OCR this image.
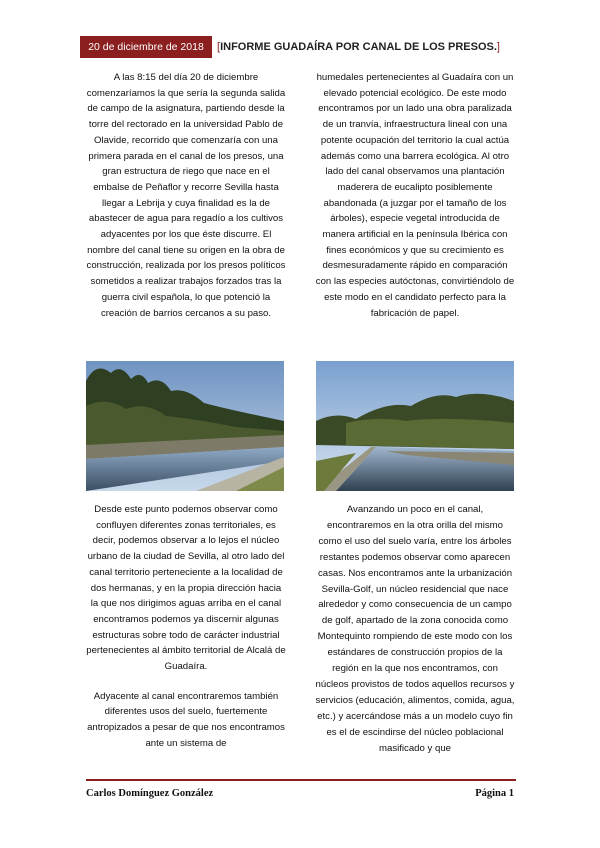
20 de diciembre de 2018	[INFORME GUADAÍRA POR CANAL DE LOS PRESOS.]

A las 8:15 del día 20 de diciembre comenzaríamos la que sería la segunda salida de campo de la asignatura, partiendo desde la torre del rectorado en la universidad Pablo de Olavide, recorrido que comenzaría con una primera parada en el canal de los presos, una gran estructura de riego que nace en el embalse de Peñaflor y recorre Sevilla hasta llegar a Lebrija y cuya finalidad es la de abastecer de agua para regadío a los cultivos adyacentes por los que éste discurre. El nombre del canal tiene su origen en la obra de construcción, realizada por los presos políticos sometidos a realizar trabajos forzados tras la guerra civil española, lo que potenció la creación de barrios cercanos a su paso.

humedales pertenecientes al Guadaíra con un elevado potencial ecológico. De este modo encontramos por un lado una obra paralizada de un tranvía, infraestructura lineal con una potente ocupación del territorio la cual actúa además como una barrera ecológica. Al otro lado del canal observamos una plantación maderera de eucalipto posiblemente abandonada (a juzgar por el tamaño de los árboles), especie vegetal introducida de manera artificial en la península Ibérica con fines económicos y que su crecimiento es desmesuradamente rápido en comparación con las especies autóctonas, convirtiéndolo de este modo en el candidato perfecto para la fabricación de papel.

Desde este punto podemos observar como confluyen diferentes zonas territoriales, es decir, podemos observar a lo lejos el núcleo urbano de la ciudad de Sevilla, al otro lado del canal territorio perteneciente a la localidad de dos hermanas, y en la propia dirección hacia la que nos dirigimos aguas arriba en el canal encontramos podemos ya discernir algunas estructuras sobre todo de carácter industrial pertenecientes al ámbito territorial de Alcalá de Guadaíra.

Adyacente al canal encontraremos también diferentes usos del suelo, fuertemente antropizados a pesar de que nos encontramos ante un sistema de

Avanzando un poco en el canal, encontraremos en la otra orilla del mismo como el uso del suelo varía, entre los árboles restantes podemos observar como aparecen casas. Nos encontramos ante la urbanización Sevilla-Golf, un núcleo residencial que nace alrededor y como consecuencia de un campo de golf, apartado de la zona conocida como Montequinto rompiendo de este modo con los estándares de construcción propios de la región en la que nos encontramos, con núcleos provistos de todos aquellos recursos y servicios (educación, alimentos, comida, agua, etc.) y acercándose más a un modelo cuyo fin es el de escindirse del núcleo poblacional masificado y que

Carlos Domínguez González	Página 1
